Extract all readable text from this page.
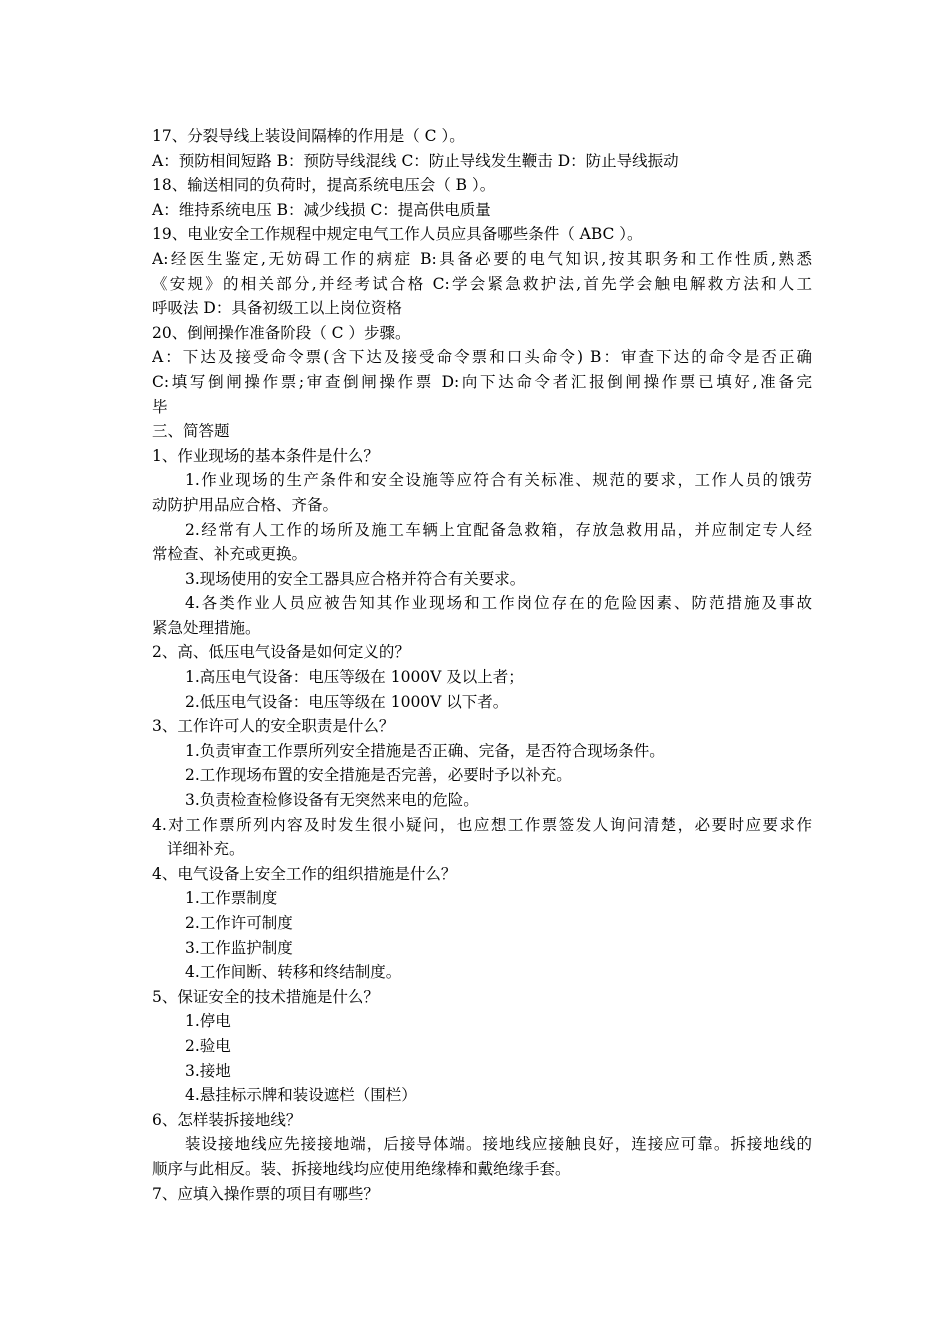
17、分裂导线上装设间隔棒的作用是（ C ）。
A：预防相间短路 B：预防导线混线 C：防止导线发生鞭击 D：防止导线振动
18、输送相同的负荷时，提高系统电压会（ B ）。
A：维持系统电压 B：减少线损 C：提高供电质量
19、电业安全工作规程中规定电气工作人员应具备哪些条件（ ABC ）。
A:经医生鉴定,无妨碍工作的病症 B:具备必要的电气知识,按其职务和工作性质,熟悉
《安规》的相关部分,并经考试合格 C:学会紧急救护法,首先学会触电解救方法和人工
呼吸法 D：具备初级工以上岗位资格
20、倒闸操作准备阶段（ C ）步骤。
A：下达及接受命令票(含下达及接受命令票和口头命令) B：审查下达的命令是否正确
C:填写倒闸操作票;审查倒闸操作票 D:向下达命令者汇报倒闸操作票已填好,准备完
毕
三、简答题
1、作业现场的基本条件是什么？
1.作业现场的生产条件和安全设施等应符合有关标准、规范的要求，工作人员的饿劳
动防护用品应合格、齐备。
2.经常有人工作的场所及施工车辆上宜配备急救箱，存放急救用品，并应制定专人经
常检查、补充或更换。
3.现场使用的安全工器具应合格并符合有关要求。
4.各类作业人员应被告知其作业现场和工作岗位存在的危险因素、防范措施及事故
紧急处理措施。
2、高、低压电气设备是如何定义的？
1.高压电气设备：电压等级在 1000V 及以上者；
2.低压电气设备：电压等级在 1000V 以下者。
3、工作许可人的安全职责是什么？
1.负责审查工作票所列安全措施是否正确、完备，是否符合现场条件。
2.工作现场布置的安全措施是否完善，必要时予以补充。
3.负责检查检修设备有无突然来电的危险。
4.对工作票所列内容及时发生很小疑问，也应想工作票签发人询问清楚，必要时应要求作
详细补充。
4、电气设备上安全工作的组织措施是什么？
1.工作票制度
2.工作许可制度
3.工作监护制度
4.工作间断、转移和终结制度。
5、保证安全的技术措施是什么？
1.停电
2.验电
3.接地
4.悬挂标示牌和装设遮栏（围栏）
6、怎样装拆接地线？
装设接地线应先接接地端，后接导体端。接地线应接触良好，连接应可靠。拆接地线的
顺序与此相反。装、拆接地线均应使用绝缘棒和戴绝缘手套。
7、应填入操作票的项目有哪些？
